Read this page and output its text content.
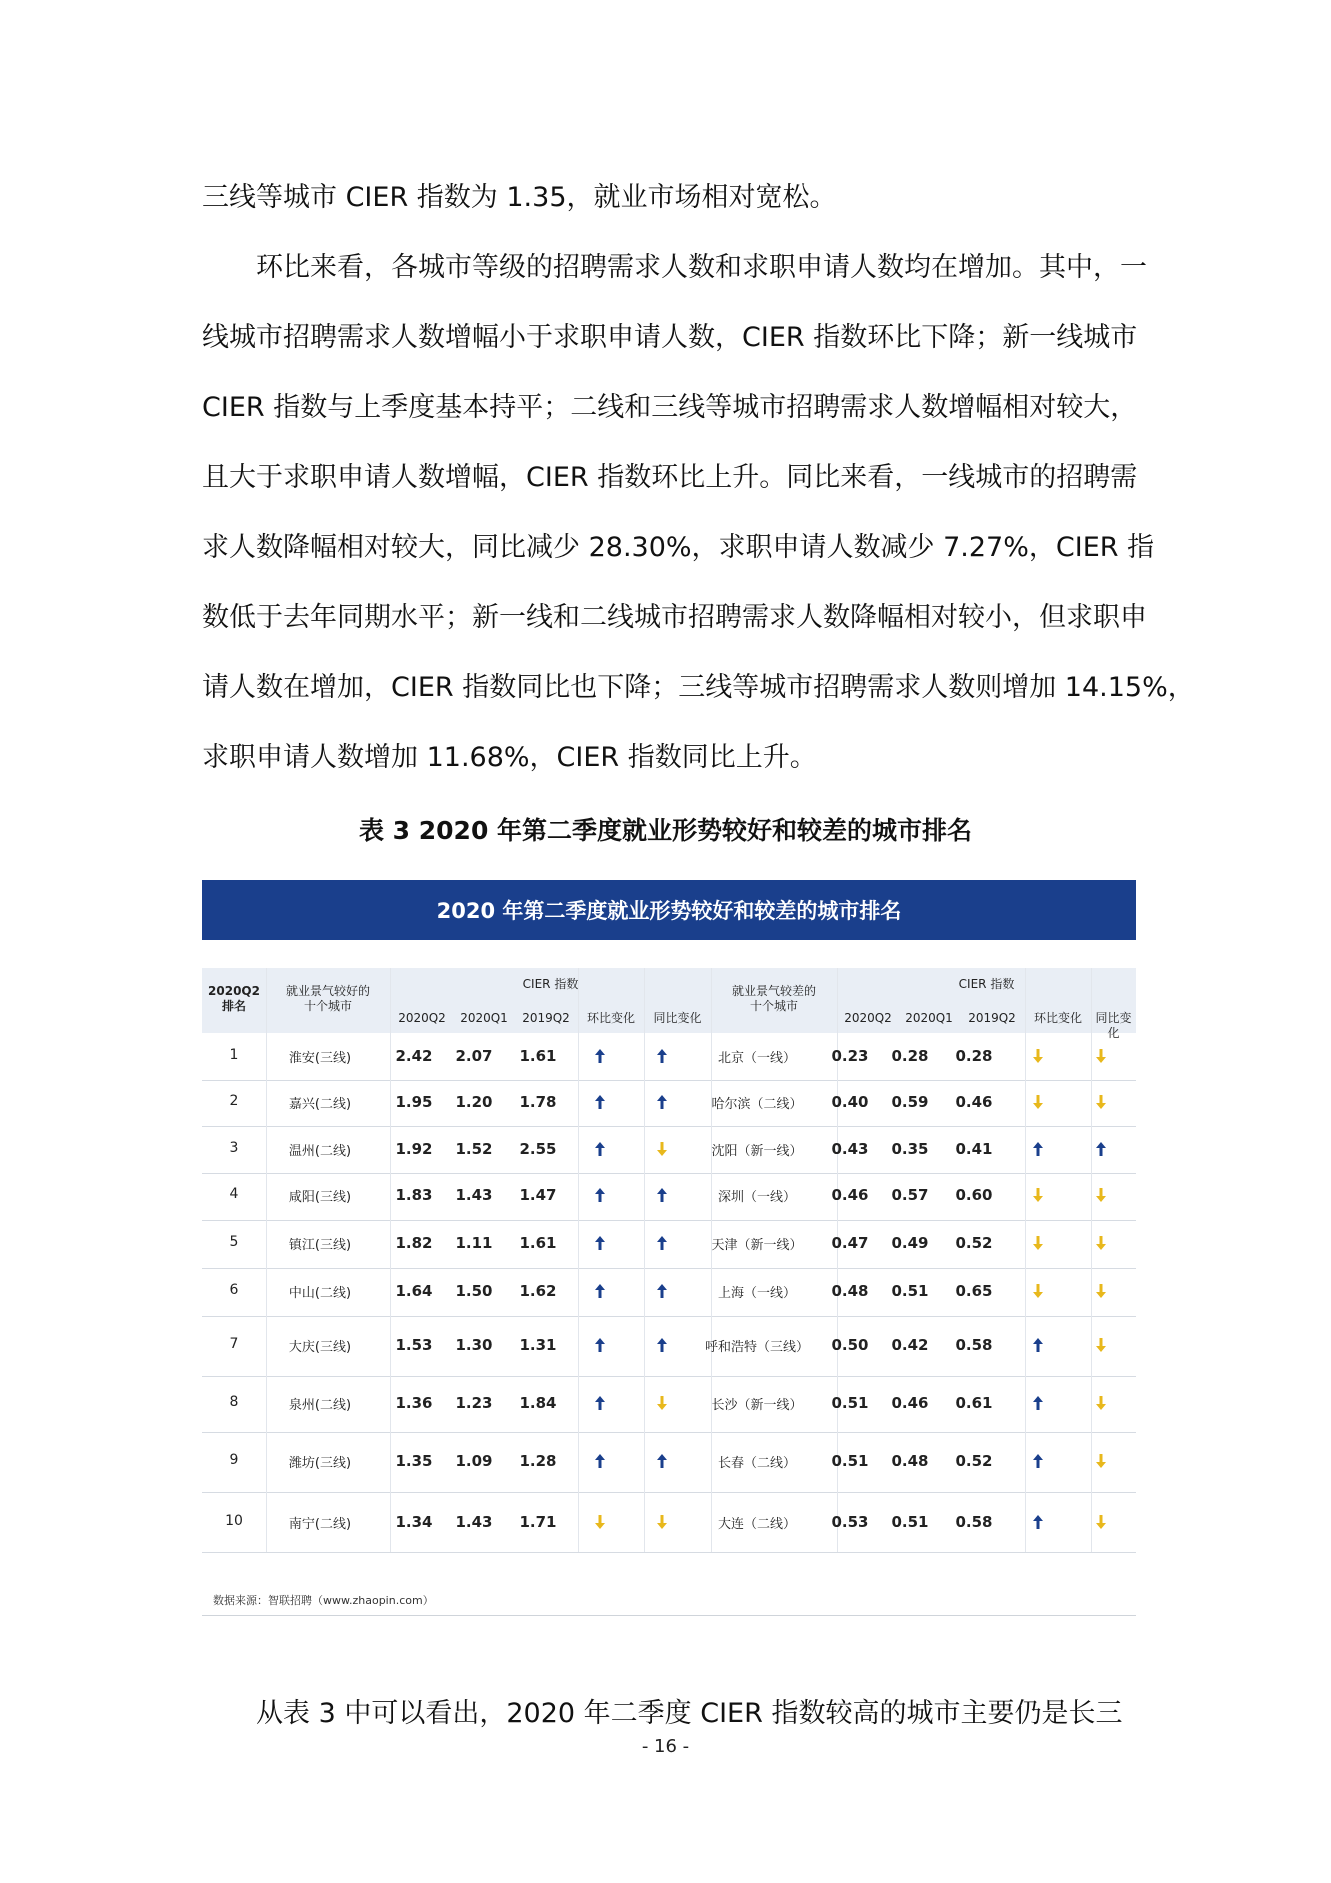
三线等城市 CIER 指数为 1.35，就业市场相对宽松。
环比来看，各城市等级的招聘需求人数和求职申请人数均在增加。其中，一
线城市招聘需求人数增幅小于求职申请人数，CIER 指数环比下降；新一线城市
CIER 指数与上季度基本持平；二线和三线等城市招聘需求人数增幅相对较大，
且大于求职申请人数增幅，CIER 指数环比上升。同比来看，一线城市的招聘需
求人数降幅相对较大，同比减少 28.30%，求职申请人数减少 7.27%，CIER 指
数低于去年同期水平；新一线和二线城市招聘需求人数降幅相对较小，但求职申
请人数在增加，CIER 指数同比也下降；三线等城市招聘需求人数则增加 14.15%，
求职申请人数增加 11.68%，CIER 指数同比上升。
表 3 2020 年第二季度就业形势较好和较差的城市排名
2020 年第二季度就业形势较好和较差的城市排名
2020Q2
排名
就业景气较好的
十个城市
CIER 指数
2020Q2	2020Q1	2019Q2	环比变化	同比变化
就业景气较差的
十个城市
CIER 指数
2020Q2	2020Q1	2019Q2	环比变化	同比变化
1	淮安(三线)	2.42	2.07	1.61	北京（一线）	0.23	0.28	0.28
2	嘉兴(二线)	1.95	1.20	1.78	哈尔滨（二线）	0.40	0.59	0.46
3	温州(二线)	1.92	1.52	2.55	沈阳（新一线）	0.43	0.35	0.41
4	咸阳(三线)	1.83	1.43	1.47	深圳（一线）	0.46	0.57	0.60
5	镇江(三线)	1.82	1.11	1.61	天津（新一线）	0.47	0.49	0.52
6	中山(二线)	1.64	1.50	1.62	上海（一线）	0.48	0.51	0.65
7	大庆(三线)	1.53	1.30	1.31	呼和浩特（三线）	0.50	0.42	0.58
8	泉州(二线)	1.36	1.23	1.84	长沙（新一线）	0.51	0.46	0.61
9	潍坊(三线)	1.35	1.09	1.28	长春（二线）	0.51	0.48	0.52
10	南宁(二线)	1.34	1.43	1.71	大连（二线）	0.53	0.51	0.58
数据来源：智联招聘（www.zhaopin.com）
从表 3 中可以看出，2020 年二季度 CIER 指数较高的城市主要仍是长三
- 16 -
